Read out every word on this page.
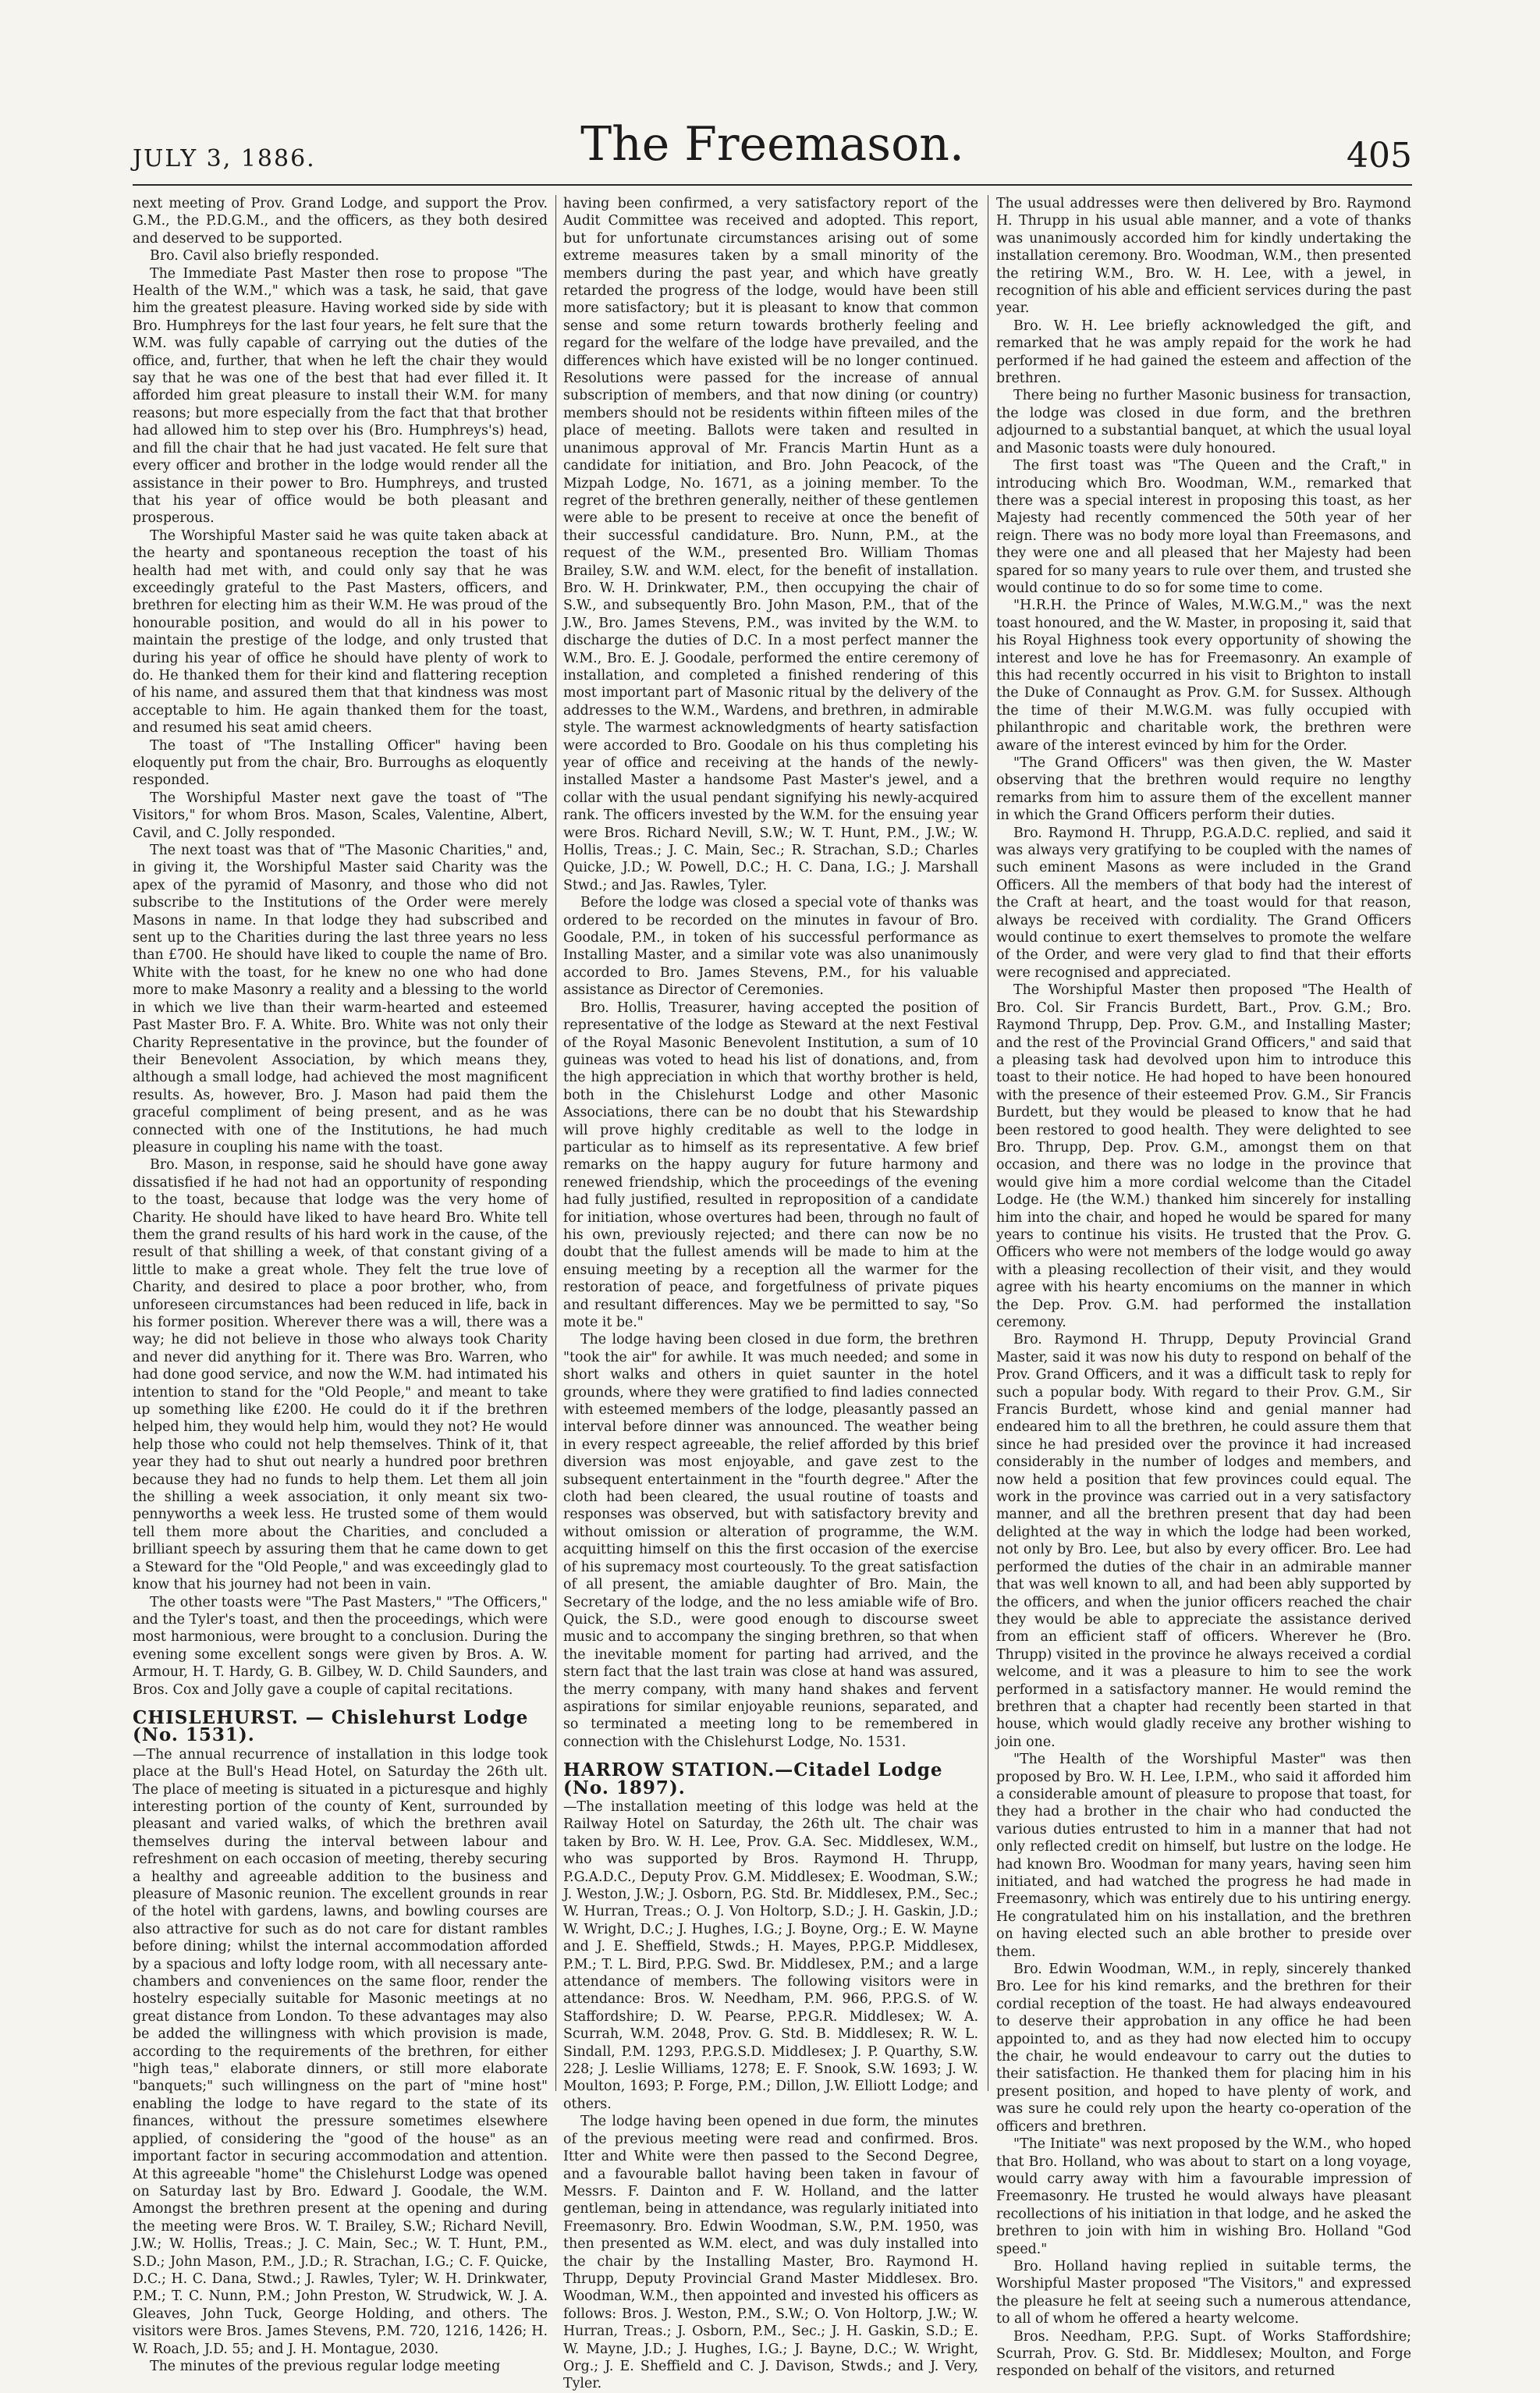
JULY 3, 1886.	The Freemason.	405

next meeting of Prov. Grand Lodge, and support the Prov. G.M., the P.D.G.M., and the officers, as they both desired and deserved to be supported.

Bro. Cavil also briefly responded.

The Immediate Past Master then rose to propose "The Health of the W.M.," which was a task, he said, that gave him the greatest pleasure. Having worked side by side with Bro. Humphreys for the last four years, he felt sure that the W.M. was fully capable of carrying out the duties of the office, and, further, that when he left the chair they would say that he was one of the best that had ever filled it. It afforded him great pleasure to install their W.M. for many reasons; but more especially from the fact that that brother had allowed him to step over his (Bro. Humphreys's) head, and fill the chair that he had just vacated. He felt sure that every officer and brother in the lodge would render all the assistance in their power to Bro. Humphreys, and trusted that his year of office would be both pleasant and prosperous.

The Worshipful Master said he was quite taken aback at the hearty and spontaneous reception the toast of his health had met with, and could only say that he was exceedingly grateful to the Past Masters, officers, and brethren for electing him as their W.M. He was proud of the honourable position, and would do all in his power to maintain the prestige of the lodge, and only trusted that during his year of office he should have plenty of work to do. He thanked them for their kind and flattering reception of his name, and assured them that that kindness was most acceptable to him. He again thanked them for the toast, and resumed his seat amid cheers.

The toast of "The Installing Officer" having been eloquently put from the chair, Bro. Burroughs as eloquently responded.

The Worshipful Master next gave the toast of "The Visitors," for whom Bros. Mason, Scales, Valentine, Albert, Cavil, and C. Jolly responded.

The next toast was that of "The Masonic Charities," and, in giving it, the Worshipful Master said Charity was the apex of the pyramid of Masonry, and those who did not subscribe to the Institutions of the Order were merely Masons in name. In that lodge they had subscribed and sent up to the Charities during the last three years no less than £700. He should have liked to couple the name of Bro. White with the toast, for he knew no one who had done more to make Masonry a reality and a blessing to the world in which we live than their warm-hearted and esteemed Past Master Bro. F. A. White. Bro. White was not only their Charity Representative in the province, but the founder of their Benevolent Association, by which means they, although a small lodge, had achieved the most magnificent results. As, however, Bro. J. Mason had paid them the graceful compliment of being present, and as he was connected with one of the Institutions, he had much pleasure in coupling his name with the toast.

Bro. Mason, in response, said he should have gone away dissatisfied if he had not had an opportunity of responding to the toast, because that lodge was the very home of Charity. He should have liked to have heard Bro. White tell them the grand results of his hard work in the cause, of the result of that shilling a week, of that constant giving of a little to make a great whole. They felt the true love of Charity, and desired to place a poor brother, who, from unforeseen circumstances had been reduced in life, back in his former position. Wherever there was a will, there was a way; he did not believe in those who always took Charity and never did anything for it. There was Bro. Warren, who had done good service, and now the W.M. had intimated his intention to stand for the "Old People," and meant to take up something like £200. He could do it if the brethren helped him, they would help him, would they not? He would help those who could not help themselves. Think of it, that year they had to shut out nearly a hundred poor brethren because they had no funds to help them. Let them all join the shilling a week association, it only meant six two-pennyworths a week less. He trusted some of them would tell them more about the Charities, and concluded a brilliant speech by assuring them that he came down to get a Steward for the "Old People," and was exceedingly glad to know that his journey had not been in vain.

The other toasts were "The Past Masters," "The Officers," and the Tyler's toast, and then the proceedings, which were most harmonious, were brought to a conclusion. During the evening some excellent songs were given by Bros. A. W. Armour, H. T. Hardy, G. B. Gilbey, W. D. Child Saunders, and Bros. Cox and Jolly gave a couple of capital recitations.

CHISLEHURST. — Chislehurst Lodge (No. 1531).

—The annual recurrence of installation in this lodge took place at the Bull's Head Hotel, on Saturday the 26th ult. The place of meeting is situated in a picturesque and highly interesting portion of the county of Kent, surrounded by pleasant and varied walks, of which the brethren avail themselves during the interval between labour and refreshment on each occasion of meeting, thereby securing a healthy and agreeable addition to the business and pleasure of Masonic reunion. The excellent grounds in rear of the hotel with gardens, lawns, and bowling courses are also attractive for such as do not care for distant rambles before dining; whilst the internal accommodation afforded by a spacious and lofty lodge room, with all necessary ante-chambers and conveniences on the same floor, render the hostelry especially suitable for Masonic meetings at no great distance from London. To these advantages may also be added the willingness with which provision is made, according to the requirements of the brethren, for either "high teas," elaborate dinners, or still more elaborate "banquets;" such willingness on the part of "mine host" enabling the lodge to have regard to the state of its finances, without the pressure sometimes elsewhere applied, of considering the "good of the house" as an important factor in securing accommodation and attention. At this agreeable "home" the Chislehurst Lodge was opened on Saturday last by Bro. Edward J. Goodale, the W.M. Amongst the brethren present at the opening and during the meeting were Bros. W. T. Brailey, S.W.; Richard Nevill, J.W.; W. Hollis, Treas.; J. C. Main, Sec.; W. T. Hunt, P.M., S.D.; John Mason, P.M., J.D.; R. Strachan, I.G.; C. F. Quicke, D.C.; H. C. Dana, Stwd.; J. Rawles, Tyler; W. H. Drinkwater, P.M.; T. C. Nunn, P.M.; John Preston, W. Strudwick, W. J. A. Gleaves, John Tuck, George Holding, and others. The visitors were Bros. James Stevens, P.M. 720, 1216, 1426; H. W. Roach, J.D. 55; and J. H. Montague, 2030.

The minutes of the previous regular lodge meeting

having been confirmed, a very satisfactory report of the Audit Committee was received and adopted. This report, but for unfortunate circumstances arising out of some extreme measures taken by a small minority of the members during the past year, and which have greatly retarded the progress of the lodge, would have been still more satisfactory; but it is pleasant to know that common sense and some return towards brotherly feeling and regard for the welfare of the lodge have prevailed, and the differences which have existed will be no longer continued. Resolutions were passed for the increase of annual subscription of members, and that now dining (or country) members should not be residents within fifteen miles of the place of meeting. Ballots were taken and resulted in unanimous approval of Mr. Francis Martin Hunt as a candidate for initiation, and Bro. John Peacock, of the Mizpah Lodge, No. 1671, as a joining member. To the regret of the brethren generally, neither of these gentlemen were able to be present to receive at once the benefit of their successful candidature. Bro. Nunn, P.M., at the request of the W.M., presented Bro. William Thomas Brailey, S.W. and W.M. elect, for the benefit of installation. Bro. W. H. Drinkwater, P.M., then occupying the chair of S.W., and subsequently Bro. John Mason, P.M., that of the J.W., Bro. James Stevens, P.M., was invited by the W.M. to discharge the duties of D.C. In a most perfect manner the W.M., Bro. E. J. Goodale, performed the entire ceremony of installation, and completed a finished rendering of this most important part of Masonic ritual by the delivery of the addresses to the W.M., Wardens, and brethren, in admirable style. The warmest acknowledgments of hearty satisfaction were accorded to Bro. Goodale on his thus completing his year of office and receiving at the hands of the newly-installed Master a handsome Past Master's jewel, and a collar with the usual pendant signifying his newly-acquired rank. The officers invested by the W.M. for the ensuing year were Bros. Richard Nevill, S.W.; W. T. Hunt, P.M., J.W.; W. Hollis, Treas.; J. C. Main, Sec.; R. Strachan, S.D.; Charles Quicke, J.D.; W. Powell, D.C.; H. C. Dana, I.G.; J. Marshall Stwd.; and Jas. Rawles, Tyler.

Before the lodge was closed a special vote of thanks was ordered to be recorded on the minutes in favour of Bro. Goodale, P.M., in token of his successful performance as Installing Master, and a similar vote was also unanimously accorded to Bro. James Stevens, P.M., for his valuable assistance as Director of Ceremonies.

Bro. Hollis, Treasurer, having accepted the position of representative of the lodge as Steward at the next Festival of the Royal Masonic Benevolent Institution, a sum of 10 guineas was voted to head his list of donations, and, from the high appreciation in which that worthy brother is held, both in the Chislehurst Lodge and other Masonic Associations, there can be no doubt that his Stewardship will prove highly creditable as well to the lodge in particular as to himself as its representative. A few brief remarks on the happy augury for future harmony and renewed friendship, which the proceedings of the evening had fully justified, resulted in reproposition of a candidate for initiation, whose overtures had been, through no fault of his own, previously rejected; and there can now be no doubt that the fullest amends will be made to him at the ensuing meeting by a reception all the warmer for the restoration of peace, and forgetfulness of private piques and resultant differences. May we be permitted to say, "So mote it be."

The lodge having been closed in due form, the brethren "took the air" for awhile. It was much needed; and some in short walks and others in quiet saunter in the hotel grounds, where they were gratified to find ladies connected with esteemed members of the lodge, pleasantly passed an interval before dinner was announced. The weather being in every respect agreeable, the relief afforded by this brief diversion was most enjoyable, and gave zest to the subsequent entertainment in the "fourth degree." After the cloth had been cleared, the usual routine of toasts and responses was observed, but with satisfactory brevity and without omission or alteration of programme, the W.M. acquitting himself on this the first occasion of the exercise of his supremacy most courteously. To the great satisfaction of all present, the amiable daughter of Bro. Main, the Secretary of the lodge, and the no less amiable wife of Bro. Quick, the S.D., were good enough to discourse sweet music and to accompany the singing brethren, so that when the inevitable moment for parting had arrived, and the stern fact that the last train was close at hand was assured, the merry company, with many hand shakes and fervent aspirations for similar enjoyable reunions, separated, and so terminated a meeting long to be remembered in connection with the Chislehurst Lodge, No. 1531.

HARROW STATION.—Citadel Lodge (No. 1897).

—The installation meeting of this lodge was held at the Railway Hotel on Saturday, the 26th ult. The chair was taken by Bro. W. H. Lee, Prov. G.A. Sec. Middlesex, W.M., who was supported by Bros. Raymond H. Thrupp, P.G.A.D.C., Deputy Prov. G.M. Middlesex; E. Woodman, S.W.; J. Weston, J.W.; J. Osborn, P.G. Std. Br. Middlesex, P.M., Sec.; W. Hurran, Treas.; O. J. Von Holtorp, S.D.; J. H. Gaskin, J.D.; W. Wright, D.C.; J. Hughes, I.G.; J. Boyne, Org.; E. W. Mayne and J. E. Sheffield, Stwds.; H. Mayes, P.P.G.P. Middlesex, P.M.; T. L. Bird, P.P.G. Swd. Br. Middlesex, P.M.; and a large attendance of members. The following visitors were in attendance: Bros. W. Needham, P.M. 966, P.P.G.S. of W. Staffordshire; D. W. Pearse, P.P.G.R. Middlesex; W. A. Scurrah, W.M. 2048, Prov. G. Std. B. Middlesex; R. W. L. Sindall, P.M. 1293, P.P.G.S.D. Middlesex; J. P. Quarthy, S.W. 228; J. Leslie Williams, 1278; E. F. Snook, S.W. 1693; J. W. Moulton, 1693; P. Forge, P.M.; Dillon, J.W. Elliott Lodge; and others.

The lodge having been opened in due form, the minutes of the previous meeting were read and confirmed. Bros. Itter and White were then passed to the Second Degree, and a favourable ballot having been taken in favour of Messrs. F. Dainton and F. W. Holland, and the latter gentleman, being in attendance, was regularly initiated into Freemasonry. Bro. Edwin Woodman, S.W., P.M. 1950, was then presented as W.M. elect, and was duly installed into the chair by the Installing Master, Bro. Raymond H. Thrupp, Deputy Provincial Grand Master Middlesex. Bro. Woodman, W.M., then appointed and invested his officers as follows: Bros. J. Weston, P.M., S.W.; O. Von Holtorp, J.W.; W. Hurran, Treas.; J. Osborn, P.M., Sec.; J. H. Gaskin, S.D.; E. W. Mayne, J.D.; J. Hughes, I.G.; J. Bayne, D.C.; W. Wright, Org.; J. E. Sheffield and C. J. Davison, Stwds.; and J. Very, Tyler.

The usual addresses were then delivered by Bro. Raymond H. Thrupp in his usual able manner, and a vote of thanks was unanimously accorded him for kindly undertaking the installation ceremony. Bro. Woodman, W.M., then presented the retiring W.M., Bro. W. H. Lee, with a jewel, in recognition of his able and efficient services during the past year.

Bro. W. H. Lee briefly acknowledged the gift, and remarked that he was amply repaid for the work he had performed if he had gained the esteem and affection of the brethren.

There being no further Masonic business for transaction, the lodge was closed in due form, and the brethren adjourned to a substantial banquet, at which the usual loyal and Masonic toasts were duly honoured.

The first toast was "The Queen and the Craft," in introducing which Bro. Woodman, W.M., remarked that there was a special interest in proposing this toast, as her Majesty had recently commenced the 50th year of her reign. There was no body more loyal than Freemasons, and they were one and all pleased that her Majesty had been spared for so many years to rule over them, and trusted she would continue to do so for some time to come.

"H.R.H. the Prince of Wales, M.W.G.M.," was the next toast honoured, and the W. Master, in proposing it, said that his Royal Highness took every opportunity of showing the interest and love he has for Freemasonry. An example of this had recently occurred in his visit to Brighton to install the Duke of Connaught as Prov. G.M. for Sussex. Although the time of their M.W.G.M. was fully occupied with philanthropic and charitable work, the brethren were aware of the interest evinced by him for the Order.

"The Grand Officers" was then given, the W. Master observing that the brethren would require no lengthy remarks from him to assure them of the excellent manner in which the Grand Officers perform their duties.

Bro. Raymond H. Thrupp, P.G.A.D.C. replied, and said it was always very gratifying to be coupled with the names of such eminent Masons as were included in the Grand Officers. All the members of that body had the interest of the Craft at heart, and the toast would for that reason, always be received with cordiality. The Grand Officers would continue to exert themselves to promote the welfare of the Order, and were very glad to find that their efforts were recognised and appreciated.

The Worshipful Master then proposed "The Health of Bro. Col. Sir Francis Burdett, Bart., Prov. G.M.; Bro. Raymond Thrupp, Dep. Prov. G.M., and Installing Master; and the rest of the Provincial Grand Officers," and said that a pleasing task had devolved upon him to introduce this toast to their notice. He had hoped to have been honoured with the presence of their esteemed Prov. G.M., Sir Francis Burdett, but they would be pleased to know that he had been restored to good health. They were delighted to see Bro. Thrupp, Dep. Prov. G.M., amongst them on that occasion, and there was no lodge in the province that would give him a more cordial welcome than the Citadel Lodge. He (the W.M.) thanked him sincerely for installing him into the chair, and hoped he would be spared for many years to continue his visits. He trusted that the Prov. G. Officers who were not members of the lodge would go away with a pleasing recollection of their visit, and they would agree with his hearty encomiums on the manner in which the Dep. Prov. G.M. had performed the installation ceremony.

Bro. Raymond H. Thrupp, Deputy Provincial Grand Master, said it was now his duty to respond on behalf of the Prov. Grand Officers, and it was a difficult task to reply for such a popular body. With regard to their Prov. G.M., Sir Francis Burdett, whose kind and genial manner had endeared him to all the brethren, he could assure them that since he had presided over the province it had increased considerably in the number of lodges and members, and now held a position that few provinces could equal. The work in the province was carried out in a very satisfactory manner, and all the brethren present that day had been delighted at the way in which the lodge had been worked, not only by Bro. Lee, but also by every officer. Bro. Lee had performed the duties of the chair in an admirable manner that was well known to all, and had been ably supported by the officers, and when the junior officers reached the chair they would be able to appreciate the assistance derived from an efficient staff of officers. Wherever he (Bro. Thrupp) visited in the province he always received a cordial welcome, and it was a pleasure to him to see the work performed in a satisfactory manner. He would remind the brethren that a chapter had recently been started in that house, which would gladly receive any brother wishing to join one.

"The Health of the Worshipful Master" was then proposed by Bro. W. H. Lee, I.P.M., who said it afforded him a considerable amount of pleasure to propose that toast, for they had a brother in the chair who had conducted the various duties entrusted to him in a manner that had not only reflected credit on himself, but lustre on the lodge. He had known Bro. Woodman for many years, having seen him initiated, and had watched the progress he had made in Freemasonry, which was entirely due to his untiring energy. He congratulated him on his installation, and the brethren on having elected such an able brother to preside over them.

Bro. Edwin Woodman, W.M., in reply, sincerely thanked Bro. Lee for his kind remarks, and the brethren for their cordial reception of the toast. He had always endeavoured to deserve their approbation in any office he had been appointed to, and as they had now elected him to occupy the chair, he would endeavour to carry out the duties to their satisfaction. He thanked them for placing him in his present position, and hoped to have plenty of work, and was sure he could rely upon the hearty co-operation of the officers and brethren.

"The Initiate" was next proposed by the W.M., who hoped that Bro. Holland, who was about to start on a long voyage, would carry away with him a favourable impression of Freemasonry. He trusted he would always have pleasant recollections of his initiation in that lodge, and he asked the brethren to join with him in wishing Bro. Holland "God speed."

Bro. Holland having replied in suitable terms, the Worshipful Master proposed "The Visitors," and expressed the pleasure he felt at seeing such a numerous attendance, to all of whom he offered a hearty welcome.

Bros. Needham, P.P.G. Supt. of Works Staffordshire; Scurrah, Prov. G. Std. Br. Middlesex; Moulton, and Forge responded on behalf of the visitors, and returned
